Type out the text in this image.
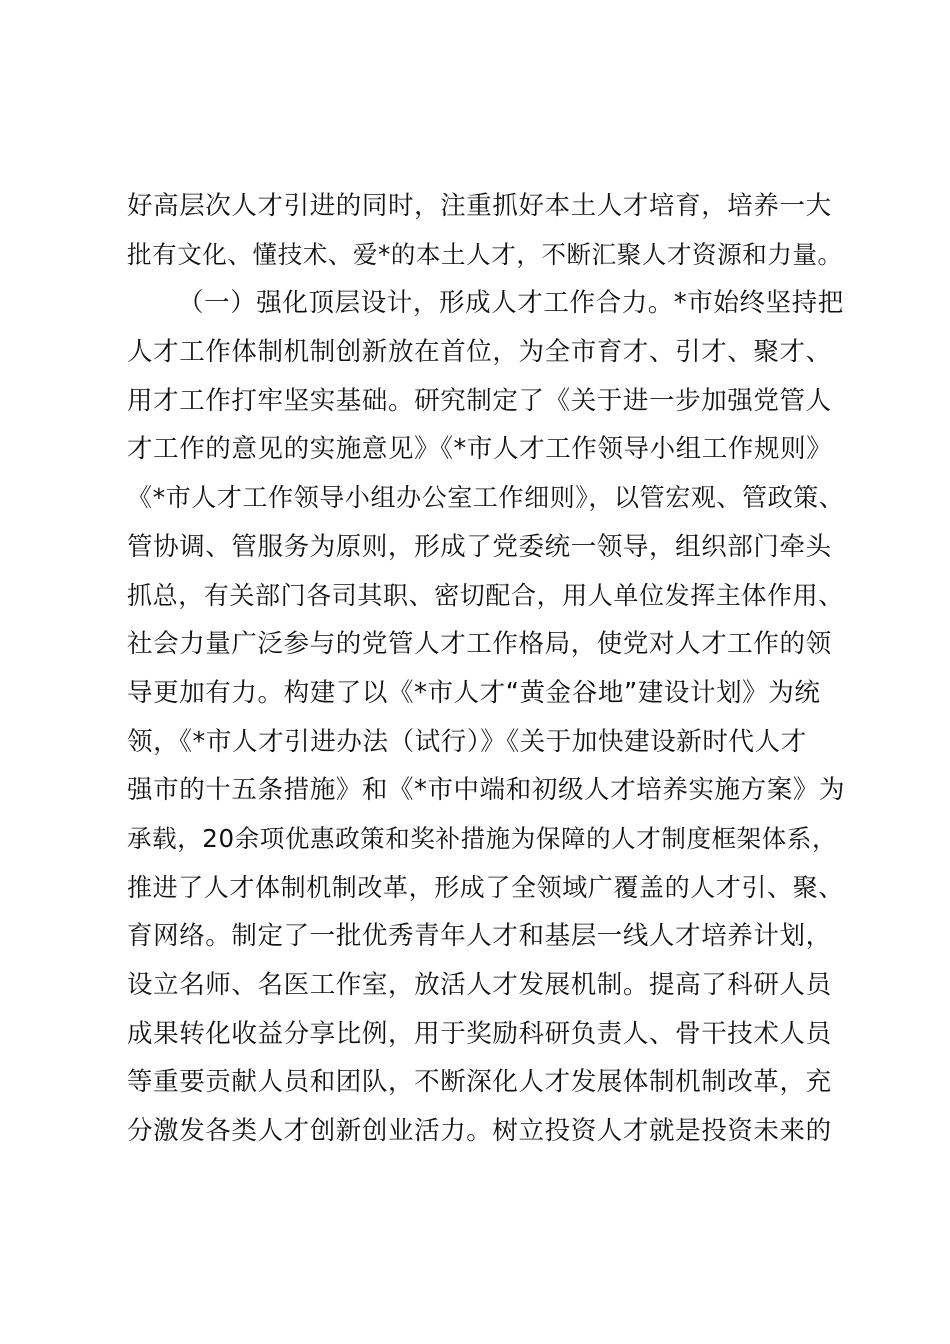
好高层次人才引进的同时，注重抓好本土人才培育，培养一大

批有文化、懂技术、爱*的本土人才，不断汇聚人才资源和力量。

（一）强化顶层设计，形成人才工作合力。*市始终坚持把

人才工作体制机制创新放在首位，为全市育才、引才、聚才、

用才工作打牢坚实基础。研究制定了《关于进一步加强党管人

才工作的意见的实施意见》《*市人才工作领导小组工作规则》

《*市人才工作领导小组办公室工作细则》，以管宏观、管政策、

管协调、管服务为原则，形成了党委统一领导，组织部门牵头

抓总，有关部门各司其职、密切配合，用人单位发挥主体作用、

社会力量广泛参与的党管人才工作格局，使党对人才工作的领

导更加有力。构建了以《*市人才“黄金谷地”建设计划》为统

领，《*市人才引进办法（试行）》《关于加快建设新时代人才

强市的十五条措施》和《*市中端和初级人才培养实施方案》为

承载，20余项优惠政策和奖补措施为保障的人才制度框架体系，

推进了人才体制机制改革，形成了全领域广覆盖的人才引、聚、

育网络。制定了一批优秀青年人才和基层一线人才培养计划，

设立名师、名医工作室，放活人才发展机制。提高了科研人员

成果转化收益分享比例，用于奖励科研负责人、骨干技术人员

等重要贡献人员和团队，不断深化人才发展体制机制改革，充

分激发各类人才创新创业活力。树立投资人才就是投资未来的
